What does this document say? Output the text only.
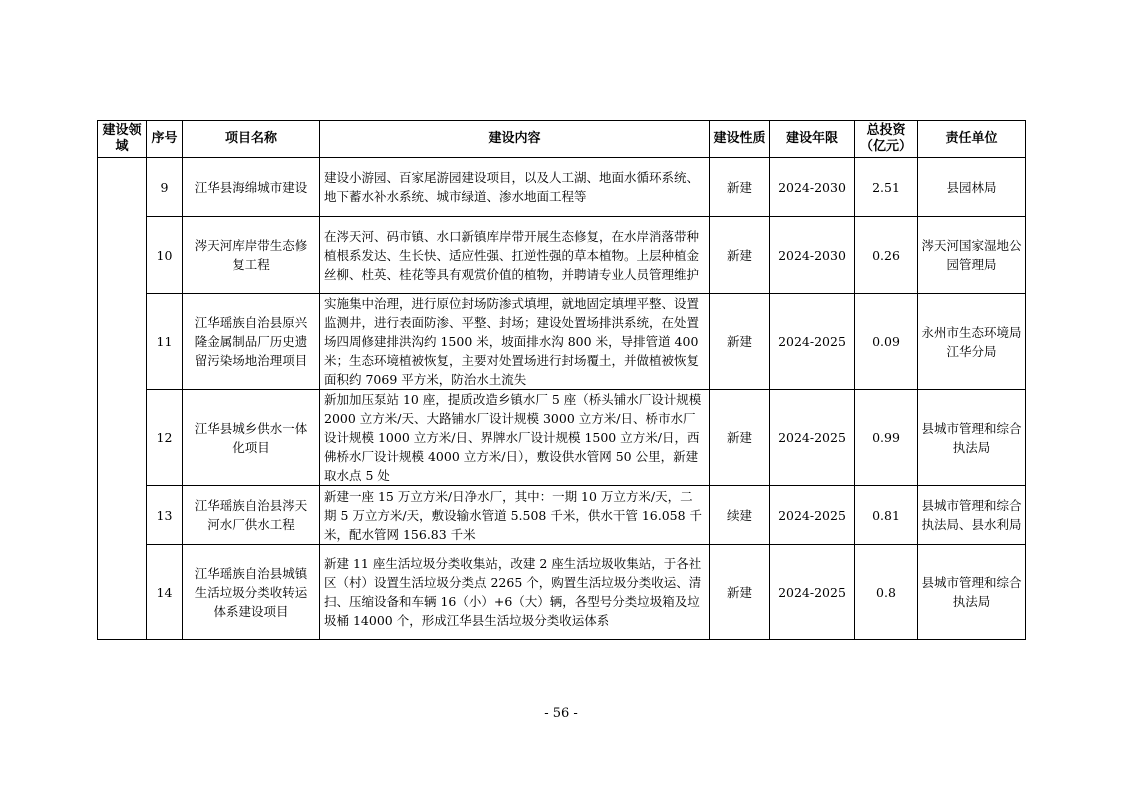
建设领域	序号	项目名称	建设内容	建设性质	建设年限	总投资（亿元）	责任单位
	9	江华县海绵城市建设	建设小游园、百家尾游园建设项目，以及人工湖、地面水循环系统、地下蓄水补水系统、城市绿道、渗水地面工程等	新建	2024-2030	2.51	县园林局
	10	涔天河库岸带生态修复工程	在涔天河、码市镇、水口新镇库岸带开展生态修复，在水岸消落带种植根系发达、生长快、适应性强、扛逆性强的草本植物。上层种植金丝柳、杜英、桂花等具有观赏价值的植物，并聘请专业人员管理维护	新建	2024-2030	0.26	涔天河国家湿地公园管理局
	11	江华瑶族自治县原兴隆金属制品厂历史遗留污染场地治理项目	实施集中治理，进行原位封场防渗式填埋，就地固定填埋平整、设置监测井，进行表面防渗、平整、封场；建设处置场排洪系统，在处置场四周修建排洪沟约 1500 米，坡面排水沟 800 米，导排管道 400 米；生态环境植被恢复，主要对处置场进行封场覆土，并做植被恢复面积约 7069 平方米，防治水土流失	新建	2024-2025	0.09	永州市生态环境局江华分局
	12	江华县城乡供水一体化项目	新加加压泵站 10 座，提质改造乡镇水厂 5 座（桥头铺水厂设计规模 2000 立方米/天、大路铺水厂设计规模 3000 立方米/日、桥市水厂设计规模 1000 立方米/日、界牌水厂设计规模 1500 立方米/日，西佛桥水厂设计规模 4000 立方米/日），敷设供水管网 50 公里，新建取水点 5 处	新建	2024-2025	0.99	县城市管理和综合执法局
	13	江华瑶族自治县涔天河水厂供水工程	新建一座 15 万立方米/日净水厂，其中：一期 10 万立方米/天，二期 5 万立方米/天，敷设输水管道 5.508 千米，供水干管 16.058 千米，配水管网 156.83 千米	续建	2024-2025	0.81	县城市管理和综合执法局、县水利局
	14	江华瑶族自治县城镇生活垃圾分类收转运体系建设项目	新建 11 座生活垃圾分类收集站，改建 2 座生活垃圾收集站，于各社区（村）设置生活垃圾分类点 2265 个，购置生活垃圾分类收运、清扫、压缩设备和车辆 16（小）+6（大）辆，各型号分类垃圾箱及垃圾桶 14000 个，形成江华县生活垃圾分类收运体系	新建	2024-2025	0.8	县城市管理和综合执法局
- 56 -
